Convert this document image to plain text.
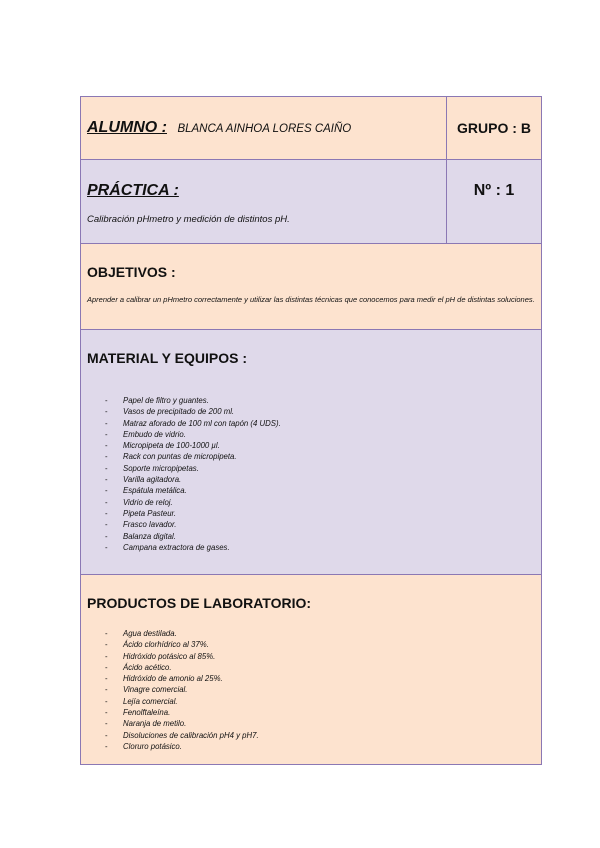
ALUMNO : BLANCA AINHOA LORES CAIÑO	GRUPO : B
PRÁCTICA :
Calibración pHmetro y medición de distintos pH.
Nº : 1
OBJETIVOS :
Aprender a calibrar un pHmetro correctamente y utilizar las distintas técnicas que conocemos para medir el pH de distintas soluciones.
MATERIAL Y EQUIPOS :
- Papel de filtro y guantes.
- Vasos de precipitado de 200 ml.
- Matraz aforado de 100 ml con tapón (4 UDS).
- Embudo de vidrio.
- Micropipeta de 100-1000 µl.
- Rack con puntas de micropipeta.
- Soporte micropipetas.
- Varilla agitadora.
- Espátula metálica.
- Vidrio de reloj.
- Pipeta Pasteur.
- Frasco lavador.
- Balanza digital.
- Campana extractora de gases.
PRODUCTOS DE LABORATORIO:
- Agua destilada.
- Ácido clorhídrico al 37%.
- Hidróxido potásico al 85%.
- Ácido acético.
- Hidróxido de amonio al 25%.
- Vinagre comercial.
- Lejía comercial.
- Fenolftaleína.
- Naranja de metilo.
- Disoluciones de calibración pH4 y pH7.
- Cloruro potásico.
